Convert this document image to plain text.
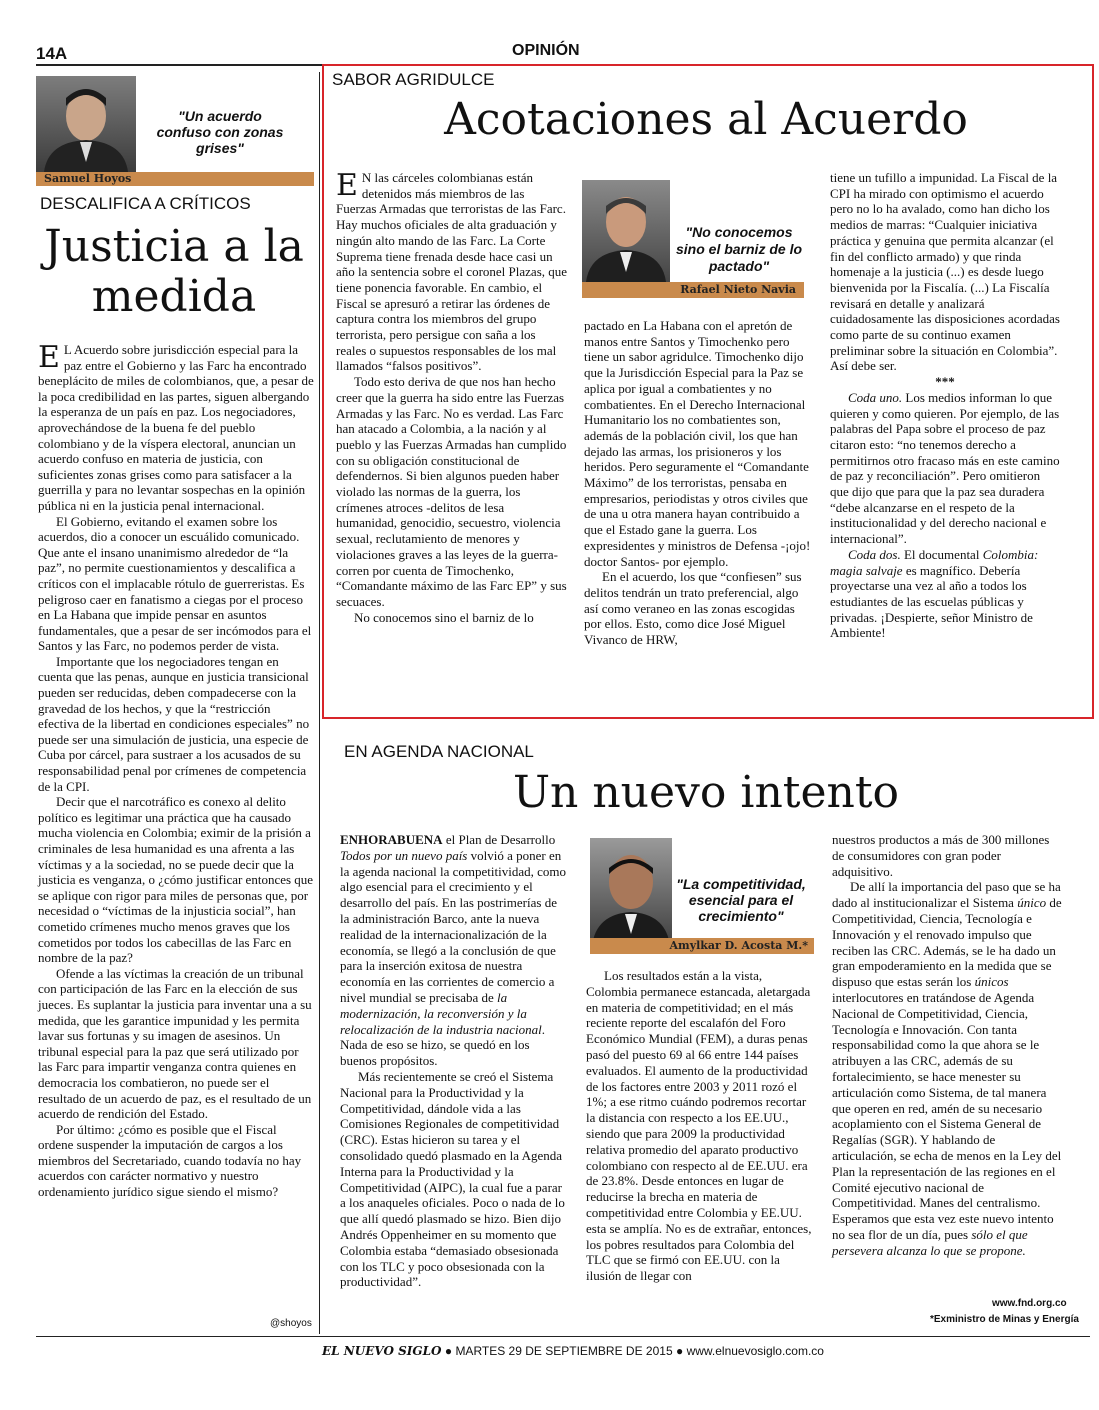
14A	OPINIÓN
"Un acuerdo confuso con zonas grises"
Samuel Hoyos
DESCALIFICA A CRÍTICOS
Justicia a la
medida

E L Acuerdo sobre jurisdicción especial para la paz entre el Gobierno y las Farc ha encontrado beneplácito de miles de colombianos, que, a pesar de la poca credibilidad en las partes, siguen albergando la esperanza de un país en paz. Los negociadores, aprovechándose de la buena fe del pueblo colombiano y de la víspera electoral, anuncian un acuerdo confuso en materia de justicia, con suficientes zonas grises como para satisfacer a la guerrilla y para no levantar sospechas en la opinión pública ni en la justicia penal internacional.

El Gobierno, evitando el examen sobre los acuerdos, dio a conocer un escuálido comunicado. Que ante el insano unanimismo alrededor de “la paz”, no permite cuestionamientos y descalifica a críticos con el implacable rótulo de guerreristas. Es peligroso caer en fanatismo a ciegas por el proceso en La Habana que impide pensar en asuntos fundamentales, que a pesar de ser incómodos para el Santos y las Farc, no podemos perder de vista.

Importante que los negociadores tengan en cuenta que las penas, aunque en justicia transicional pueden ser reducidas, deben compadecerse con la gravedad de los hechos, y que la “restricción efectiva de la libertad en condiciones especiales” no puede ser una simulación de justicia, una especie de Cuba por cárcel, para sustraer a los acusados de su responsabilidad penal por crímenes de competencia de la CPI.

Decir que el narcotráfico es conexo al delito político es legitimar una práctica que ha causado mucha violencia en Colombia; eximir de la prisión a criminales de lesa humanidad es una afrenta a las víctimas y a la sociedad, no se puede decir que la justicia es venganza, o ¿cómo justificar entonces que se aplique con rigor para miles de personas que, por necesidad o “víctimas de la injusticia social”, han cometido crímenes mucho menos graves que los cometidos por todos los cabecillas de las Farc en nombre de la paz?

Ofende a las víctimas la creación de un tribunal con participación de las Farc en la elección de sus jueces. Es suplantar la justicia para inventar una a su medida, que les garantice impunidad y les permita lavar sus fortunas y su imagen de asesinos. Un tribunal especial para la paz que será utilizado por las Farc para impartir venganza contra quienes en democracia los combatieron, no puede ser el resultado de un acuerdo de paz, es el resultado de un acuerdo de rendición del Estado.

Por último: ¿cómo es posible que el Fiscal ordene suspender la imputación de cargos a los miembros del Secretariado, cuando todavía no hay acuerdos con carácter normativo y nuestro ordenamiento jurídico sigue siendo el mismo?

@shoyos
SABOR AGRIDULCE
Acotaciones al Acuerdo

E N las cárceles colombianas están detenidos más miembros de las Fuerzas Armadas que terroristas de las Farc. Hay muchos oficiales de alta graduación y ningún alto mando de las Farc. La Corte Suprema tiene frenada desde hace casi un año la sentencia sobre el coronel Plazas, que tiene ponencia favorable. En cambio, el Fiscal se apresuró a retirar las órdenes de captura contra los miembros del grupo terrorista, pero persigue con saña a los reales o supuestos responsables de los mal llamados “falsos positivos”.

Todo esto deriva de que nos han hecho creer que la guerra ha sido entre las Fuerzas Armadas y las Farc. No es verdad. Las Farc han atacado a Colombia, a la nación y al pueblo y las Fuerzas Armadas han cumplido con su obligación constitucional de defendernos. Si bien algunos pueden haber violado las normas de la guerra, los crímenes atroces -delitos de lesa humanidad, genocidio, secuestro, violencia sexual, reclutamiento de menores y violaciones graves a las leyes de la guerra- corren por cuenta de Timochenko, “Comandante máximo de las Farc EP” y sus secuaces.

No conocemos sino el barniz de lo

"No conocemos sino el barniz de lo pactado"
Rafael Nieto Navia

pactado en La Habana con el apretón de manos entre Santos y Timochenko pero tiene un sabor agridulce. Timochenko dijo que la Jurisdicción Especial para la Paz se aplica por igual a combatientes y no combatientes. En el Derecho Internacional Humanitario los no combatientes son, además de la población civil, los que han dejado las armas, los prisioneros y los heridos. Pero seguramente el “Comandante Máximo” de los terroristas, pensaba en empresarios, periodistas y otros civiles que de una u otra manera hayan contribuido a que el Estado gane la guerra. Los expresidentes y ministros de Defensa -¡ojo! doctor Santos- por ejemplo.

En el acuerdo, los que “confiesen” sus delitos tendrán un trato preferencial, algo así como veraneo en las zonas escogidas por ellos. Esto, como dice José Miguel Vivanco de HRW,

tiene un tufillo a impunidad. La Fiscal de la CPI ha mirado con optimismo el acuerdo pero no lo ha avalado, como han dicho los medios de marras: “Cualquier iniciativa práctica y genuina que permita alcanzar (el fin del conflicto armado) y que rinda homenaje a la justicia (...) es desde luego bienvenida por la Fiscalía. (...) La Fiscalía revisará en detalle y analizará cuidadosamente las disposiciones acordadas como parte de su continuo examen preliminar sobre la situación en Colombia”. Así debe ser.

***

Coda uno. Los medios informan lo que quieren y como quieren. Por ejemplo, de las palabras del Papa sobre el proceso de paz citaron esto: “no tenemos derecho a permitirnos otro fracaso más en este camino de paz y reconciliación”. Pero omitieron que dijo que para que la paz sea duradera “debe alcanzarse en el respeto de la institucionalidad y del derecho nacional e internacional”.

Coda dos. El documental Colombia: magia salvaje es magnífico. Debería proyectarse una vez al año a todos los estudiantes de las escuelas públicas y privadas. ¡Despierte, señor Ministro de Ambiente!

EN AGENDA NACIONAL
Un nuevo intento

ENHORABUENA el Plan de Desarrollo Todos por un nuevo país volvió a poner en la agenda nacional la competitividad, como algo esencial para el crecimiento y el desarrollo del país. En las postrimerías de la administración Barco, ante la nueva realidad de la internacionalización de la economía, se llegó a la conclusión de que para la inserción exitosa de nuestra economía en las corrientes de comercio a nivel mundial se precisaba de la modernización, la reconversión y la relocalización de la industria nacional. Nada de eso se hizo, se quedó en los buenos propósitos.

Más recientemente se creó el Sistema Nacional para la Productividad y la Competitividad, dándole vida a las Comisiones Regionales de competitividad (CRC). Estas hicieron su tarea y el consolidado quedó plasmado en la Agenda Interna para la Productividad y la Competitividad (AIPC), la cual fue a parar a los anaqueles oficiales. Poco o nada de lo que allí quedó plasmado se hizo. Bien dijo Andrés Oppenheimer en su momento que Colombia estaba “demasiado obsesionada con los TLC y poco obsesionada con la productividad”.

"La competitividad, esencial para el crecimiento"
Amylkar D. Acosta M.*

Los resultados están a la vista, Colombia permanece estancada, aletargada en materia de competitividad; en el más reciente reporte del escalafón del Foro Económico Mundial (FEM), a duras penas pasó del puesto 69 al 66 entre 144 países evaluados. El aumento de la productividad de los factores entre 2003 y 2011 rozó el 1%; a ese ritmo cuándo podremos recortar la distancia con respecto a los EE.UU., siendo que para 2009 la productividad relativa promedio del aparato productivo colombiano con respecto al de EE.UU. era de 23.8%. Desde entonces en lugar de reducirse la brecha en materia de competitividad entre Colombia y EE.UU. esta se amplía. No es de extrañar, entonces, los pobres resultados para Colombia del TLC que se firmó con EE.UU. con la ilusión de llegar con

nuestros productos a más de 300 millones de consumidores con gran poder adquisitivo.

De allí la importancia del paso que se ha dado al institucionalizar el Sistema único de Competitividad, Ciencia, Tecnología e Innovación y el renovado impulso que reciben las CRC. Además, se le ha dado un gran empoderamiento en la medida que se dispuso que estas serán los únicos interlocutores en tratándose de Agenda Nacional de Competitividad, Ciencia, Tecnología e Innovación. Con tanta responsabilidad como la que ahora se le atribuyen a las CRC, además de su fortalecimiento, se hace menester su articulación como Sistema, de tal manera que operen en red, amén de su necesario acoplamiento con el Sistema General de Regalías (SGR). Y hablando de articulación, se echa de menos en la Ley del Plan la representación de las regiones en el Comité ejecutivo nacional de Competitividad. Manes del centralismo. Esperamos que esta vez este nuevo intento no sea flor de un día, pues sólo el que persevera alcanza lo que se propone.

www.fnd.org.co
*Exministro de Minas y Energía
EL NUEVO SIGLO ● MARTES 29 DE SEPTIEMBRE DE 2015 ● www.elnuevosiglo.com.co
